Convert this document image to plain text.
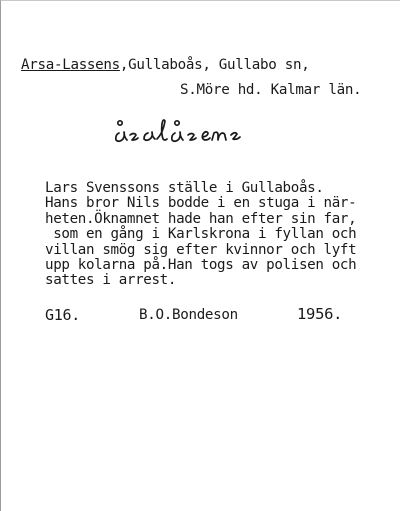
Arsa-Lassens,Gullaboås, Gullabo sn,
S.Möre hd. Kalmar län.
Lars Svenssons ställe i Gullaboås.
Hans bror Nils bodde i en stuga i när-
heten.Öknamnet hade han efter sin far,
som en gång i Karlskrona i fyllan och
villan smög sig efter kvinnor och lyft
upp kolarna på.Han togs av polisen och
sattes i arrest.
G16.	B.O.Bondeson	1956.
